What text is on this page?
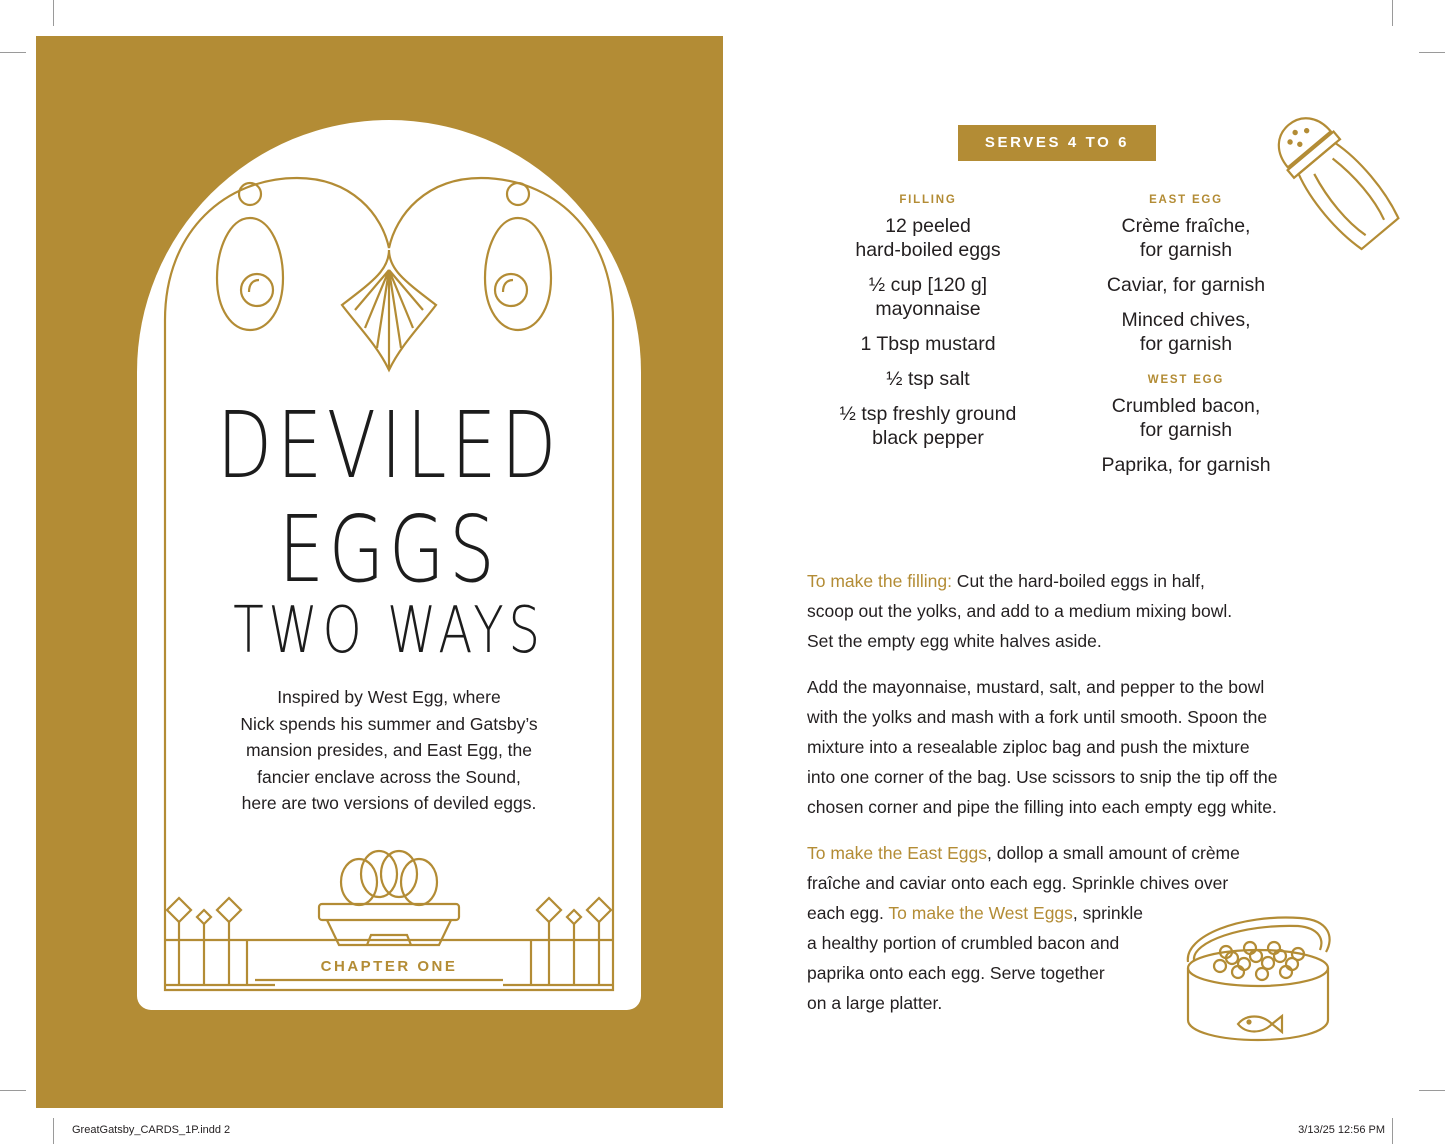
DEVILED
EGGS
TWO WAYS
Inspired by West Egg, where
Nick spends his summer and Gatsby’s
mansion presides, and East Egg, the
fancier enclave across the Sound,
here are two versions of deviled eggs.
CHAPTER ONE
SERVES 4 TO 6
FILLING
12 peeled
hard-boiled eggs
½ cup [120 g]
mayonnaise
1 Tbsp mustard
½ tsp salt
½ tsp freshly ground
black pepper
EAST EGG
Crème fraîche,
for garnish
Caviar, for garnish
Minced chives,
for garnish
WEST EGG
Crumbled bacon,
for garnish
Paprika, for garnish
To make the filling: Cut the hard-boiled eggs in half,
scoop out the yolks, and add to a medium mixing bowl.
Set the empty egg white halves aside.
Add the mayonnaise, mustard, salt, and pepper to the bowl
with the yolks and mash with a fork until smooth. Spoon the
mixture into a resealable ziploc bag and push the mixture
into one corner of the bag. Use scissors to snip the tip off the
chosen corner and pipe the filling into each empty egg white.
To make the East Eggs, dollop a small amount of crème
fraîche and caviar onto each egg. Sprinkle chives over
each egg. To make the West Eggs, sprinkle
a healthy portion of crumbled bacon and
paprika onto each egg. Serve together
on a large platter.
GreatGatsby_CARDS_1P.indd 2	3/13/25 12:56 PM
